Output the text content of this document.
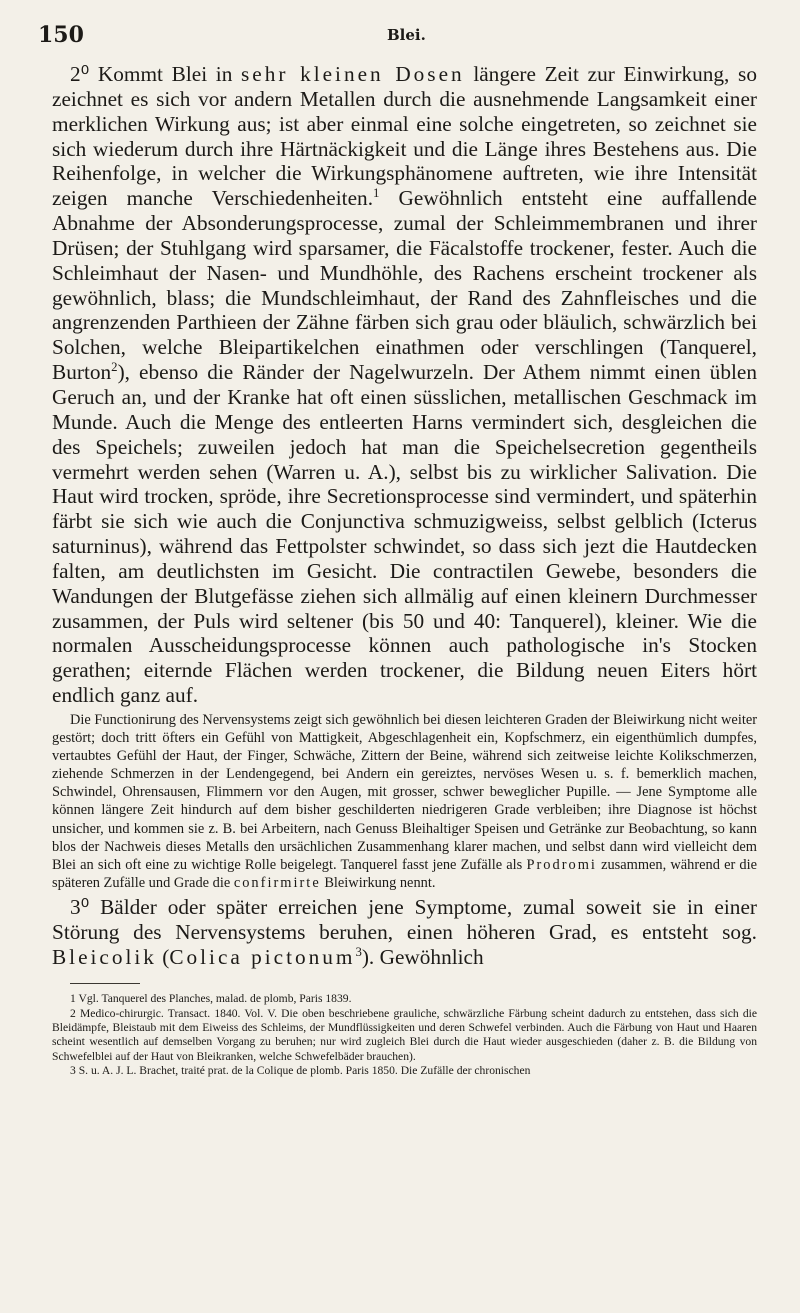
150	Blei.

2⁰ Kommt Blei in sehr kleinen Dosen längere Zeit zur Einwirkung, so zeichnet es sich vor andern Metallen durch die ausnehmende Langsamkeit einer merklichen Wirkung aus; ist aber einmal eine solche eingetreten, so zeichnet sie sich wiederum durch ihre Härtnäckigkeit und die Länge ihres Bestehens aus. Die Reihenfolge, in welcher die Wirkungsphänomene auftreten, wie ihre Intensität zeigen manche Verschiedenheiten.$^1$ Gewöhnlich entsteht eine auffallende Abnahme der Absonderungsprocesse, zumal der Schleimmembranen und ihrer Drüsen; der Stuhlgang wird sparsamer, die Fäcalstoffe trockener, fester. Auch die Schleimhaut der Nasen- und Mundhöhle, des Rachens erscheint trockener als gewöhnlich, blass; die Mundschleimhaut, der Rand des Zahnfleisches und die angrenzenden Parthieen der Zähne färben sich grau oder bläulich, schwärzlich bei Solchen, welche Bleipartikelchen einathmen oder verschlingen (Tanquerel, Burton$^2$), ebenso die Ränder der Nagelwurzeln. Der Athem nimmt einen üblen Geruch an, und der Kranke hat oft einen süsslichen, metallischen Geschmack im Munde. Auch die Menge des entleerten Harns vermindert sich, desgleichen die des Speichels; zuweilen jedoch hat man die Speichelsecretion gegentheils vermehrt werden sehen (Warren u. A.), selbst bis zu wirklicher Salivation. Die Haut wird trocken, spröde, ihre Secretionsprocesse sind vermindert, und späterhin färbt sie sich wie auch die Conjunctiva schmuzigweiss, selbst gelblich (Icterus saturninus), während das Fettpolster schwindet, so dass sich jezt die Hautdecken falten, am deutlichsten im Gesicht. Die contractilen Gewebe, besonders die Wandungen der Blutgefässe ziehen sich allmälig auf einen kleinern Durchmesser zusammen, der Puls wird seltener (bis 50 und 40: Tanquerel), kleiner. Wie die normalen Ausscheidungsprocesse können auch pathologische in's Stocken gerathen; eiternde Flächen werden trockener, die Bildung neuen Eiters hört endlich ganz auf.

Die Functionirung des Nervensystems zeigt sich gewöhnlich bei diesen leichteren Graden der Bleiwirkung nicht weiter gestört; doch tritt öfters ein Gefühl von Mattigkeit, Abgeschlagenheit ein, Kopfschmerz, ein eigenthümlich dumpfes, vertaubtes Gefühl der Haut, der Finger, Schwäche, Zittern der Beine, während sich zeitweise leichte Kolikschmerzen, ziehende Schmerzen in der Lendengegend, bei Andern ein gereiztes, nervöses Wesen u. s. f. bemerklich machen, Schwindel, Ohrensausen, Flimmern vor den Augen, mit grosser, schwer beweglicher Pupille. — Jene Symptome alle können längere Zeit hindurch auf dem bisher geschilderten niedrigeren Grade verbleiben; ihre Diagnose ist höchst unsicher, und kommen sie z. B. bei Arbeitern, nach Genuss Bleihaltiger Speisen und Getränke zur Beobachtung, so kann blos der Nachweis dieses Metalls den ursächlichen Zusammenhang klarer machen, und selbst dann wird vielleicht dem Blei an sich oft eine zu wichtige Rolle beigelegt. Tanquerel fasst jene Zufälle als Prodromi zusammen, während er die späteren Zufälle und Grade die confirmirte Bleiwirkung nennt.

3⁰ Bälder oder später erreichen jene Symptome, zumal soweit sie in einer Störung des Nervensystems beruhen, einen höheren Grad, es entsteht sog. Bleicolik (Colica pictonum$^3$). Gewöhnlich

1 Vgl. Tanquerel des Planches, malad. de plomb, Paris 1839.

2 Medico-chirurgic. Transact. 1840. Vol. V. Die oben beschriebene grauliche, schwärzliche Färbung scheint dadurch zu entstehen, dass sich die Bleidämpfe, Bleistaub mit dem Eiweiss des Schleims, der Mundflüssigkeiten und deren Schwefel verbinden. Auch die Färbung von Haut und Haaren scheint wesentlich auf demselben Vorgang zu beruhen; nur wird zugleich Blei durch die Haut wieder ausgeschieden (daher z. B. die Bildung von Schwefelblei auf der Haut von Bleikranken, welche Schwefelbäder brauchen).

3 S. u. A. J. L. Brachet, traité prat. de la Colique de plomb. Paris 1850. Die Zufälle der chronischen
